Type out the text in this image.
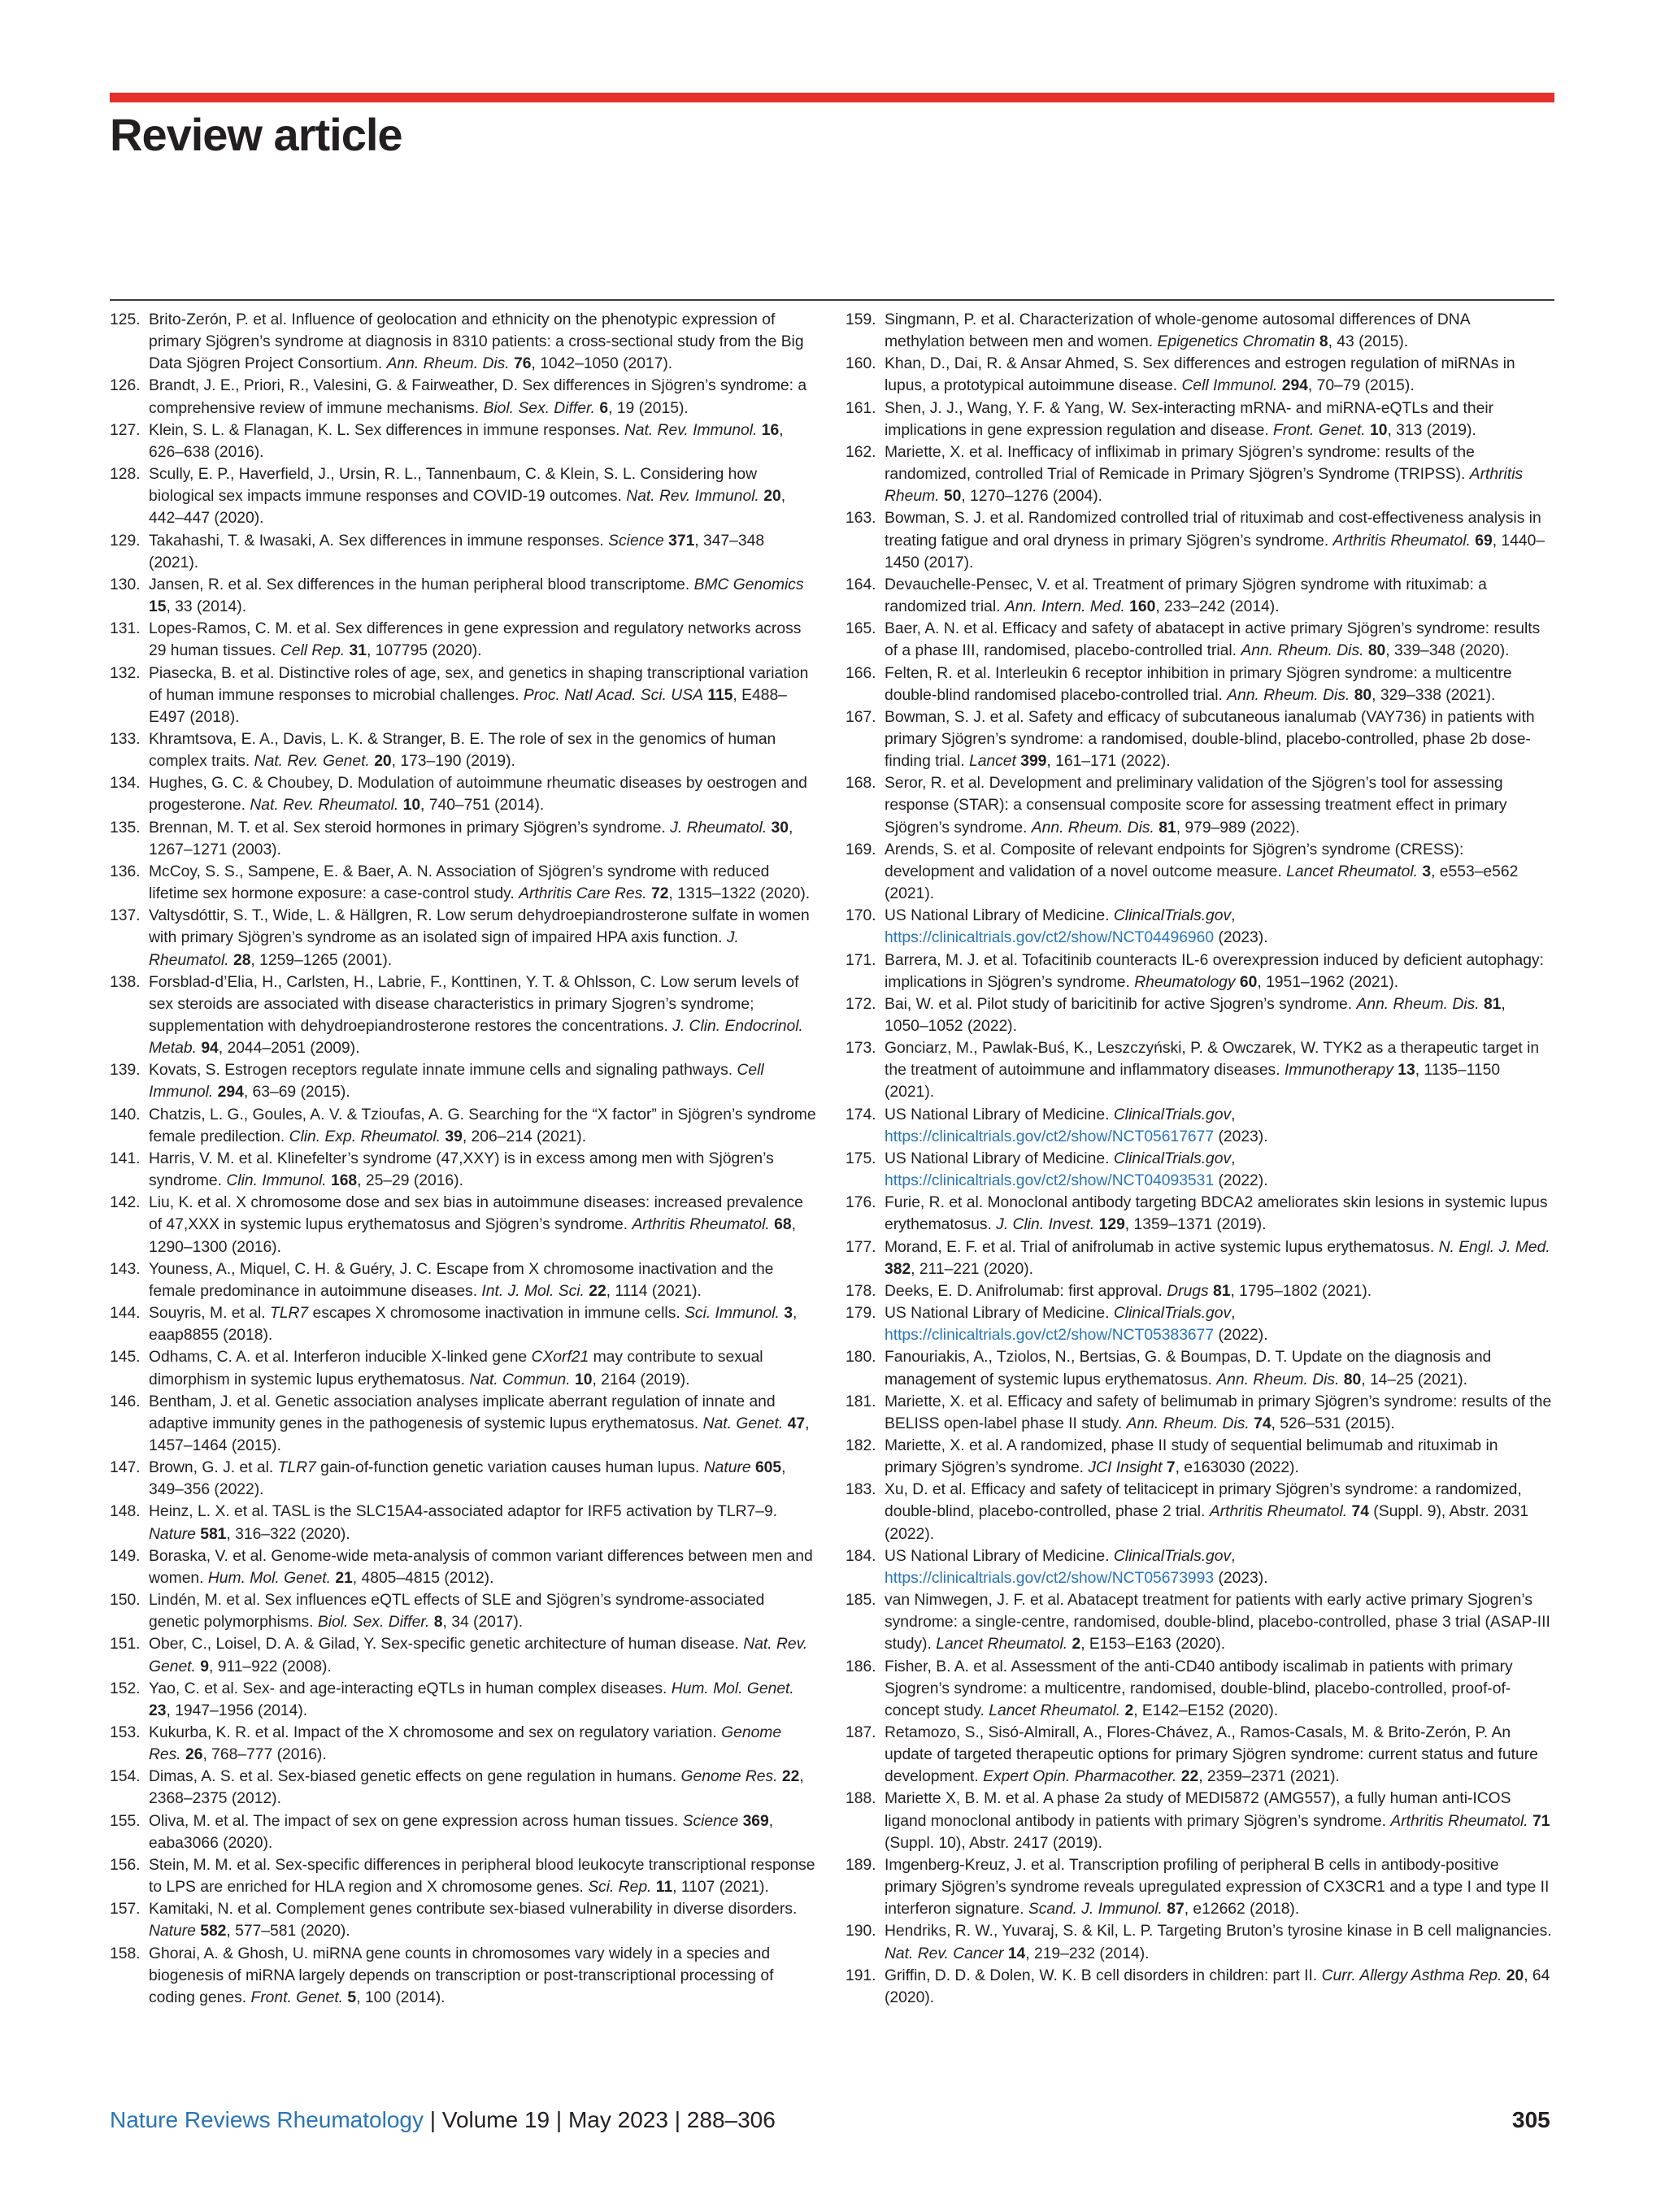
Review article
125. Brito-Zerón, P. et al. Influence of geolocation and ethnicity on the phenotypic expression of primary Sjögren’s syndrome at diagnosis in 8310 patients: a cross-sectional study from the Big Data Sjögren Project Consortium. Ann. Rheum. Dis. 76, 1042–1050 (2017).
126. Brandt, J. E., Priori, R., Valesini, G. & Fairweather, D. Sex differences in Sjögren’s syndrome: a comprehensive review of immune mechanisms. Biol. Sex. Differ. 6, 19 (2015).
127. Klein, S. L. & Flanagan, K. L. Sex differences in immune responses. Nat. Rev. Immunol. 16, 626–638 (2016).
128. Scully, E. P., Haverfield, J., Ursin, R. L., Tannenbaum, C. & Klein, S. L. Considering how biological sex impacts immune responses and COVID-19 outcomes. Nat. Rev. Immunol. 20, 442–447 (2020).
129. Takahashi, T. & Iwasaki, A. Sex differences in immune responses. Science 371, 347–348 (2021).
130. Jansen, R. et al. Sex differences in the human peripheral blood transcriptome. BMC Genomics 15, 33 (2014).
131. Lopes-Ramos, C. M. et al. Sex differences in gene expression and regulatory networks across 29 human tissues. Cell Rep. 31, 107795 (2020).
132. Piasecka, B. et al. Distinctive roles of age, sex, and genetics in shaping transcriptional variation of human immune responses to microbial challenges. Proc. Natl Acad. Sci. USA 115, E488–E497 (2018).
133. Khramtsova, E. A., Davis, L. K. & Stranger, B. E. The role of sex in the genomics of human complex traits. Nat. Rev. Genet. 20, 173–190 (2019).
134. Hughes, G. C. & Choubey, D. Modulation of autoimmune rheumatic diseases by oestrogen and progesterone. Nat. Rev. Rheumatol. 10, 740–751 (2014).
135. Brennan, M. T. et al. Sex steroid hormones in primary Sjögren’s syndrome. J. Rheumatol. 30, 1267–1271 (2003).
136. McCoy, S. S., Sampene, E. & Baer, A. N. Association of Sjögren’s syndrome with reduced lifetime sex hormone exposure: a case-control study. Arthritis Care Res. 72, 1315–1322 (2020).
137. Valtysdóttir, S. T., Wide, L. & Hällgren, R. Low serum dehydroepiandrosterone sulfate in women with primary Sjögren’s syndrome as an isolated sign of impaired HPA axis function. J. Rheumatol. 28, 1259–1265 (2001).
138. Forsblad-d’Elia, H., Carlsten, H., Labrie, F., Konttinen, Y. T. & Ohlsson, C. Low serum levels of sex steroids are associated with disease characteristics in primary Sjogren’s syndrome; supplementation with dehydroepiandrosterone restores the concentrations. J. Clin. Endocrinol. Metab. 94, 2044–2051 (2009).
139. Kovats, S. Estrogen receptors regulate innate immune cells and signaling pathways. Cell Immunol. 294, 63–69 (2015).
140. Chatzis, L. G., Goules, A. V. & Tzioufas, A. G. Searching for the “X factor” in Sjögren’s syndrome female predilection. Clin. Exp. Rheumatol. 39, 206–214 (2021).
141. Harris, V. M. et al. Klinefelter’s syndrome (47,XXY) is in excess among men with Sjögren’s syndrome. Clin. Immunol. 168, 25–29 (2016).
142. Liu, K. et al. X chromosome dose and sex bias in autoimmune diseases: increased prevalence of 47,XXX in systemic lupus erythematosus and Sjögren’s syndrome. Arthritis Rheumatol. 68, 1290–1300 (2016).
143. Youness, A., Miquel, C. H. & Guéry, J. C. Escape from X chromosome inactivation and the female predominance in autoimmune diseases. Int. J. Mol. Sci. 22, 1114 (2021).
144. Souyris, M. et al. TLR7 escapes X chromosome inactivation in immune cells. Sci. Immunol. 3, eaap8855 (2018).
145. Odhams, C. A. et al. Interferon inducible X-linked gene CXorf21 may contribute to sexual dimorphism in systemic lupus erythematosus. Nat. Commun. 10, 2164 (2019).
146. Bentham, J. et al. Genetic association analyses implicate aberrant regulation of innate and adaptive immunity genes in the pathogenesis of systemic lupus erythematosus. Nat. Genet. 47, 1457–1464 (2015).
147. Brown, G. J. et al. TLR7 gain-of-function genetic variation causes human lupus. Nature 605, 349–356 (2022).
148. Heinz, L. X. et al. TASL is the SLC15A4-associated adaptor for IRF5 activation by TLR7–9. Nature 581, 316–322 (2020).
149. Boraska, V. et al. Genome-wide meta-analysis of common variant differences between men and women. Hum. Mol. Genet. 21, 4805–4815 (2012).
150. Lindén, M. et al. Sex influences eQTL effects of SLE and Sjögren’s syndrome-associated genetic polymorphisms. Biol. Sex. Differ. 8, 34 (2017).
151. Ober, C., Loisel, D. A. & Gilad, Y. Sex-specific genetic architecture of human disease. Nat. Rev. Genet. 9, 911–922 (2008).
152. Yao, C. et al. Sex- and age-interacting eQTLs in human complex diseases. Hum. Mol. Genet. 23, 1947–1956 (2014).
153. Kukurba, K. R. et al. Impact of the X chromosome and sex on regulatory variation. Genome Res. 26, 768–777 (2016).
154. Dimas, A. S. et al. Sex-biased genetic effects on gene regulation in humans. Genome Res. 22, 2368–2375 (2012).
155. Oliva, M. et al. The impact of sex on gene expression across human tissues. Science 369, eaba3066 (2020).
156. Stein, M. M. et al. Sex-specific differences in peripheral blood leukocyte transcriptional response to LPS are enriched for HLA region and X chromosome genes. Sci. Rep. 11, 1107 (2021).
157. Kamitaki, N. et al. Complement genes contribute sex-biased vulnerability in diverse disorders. Nature 582, 577–581 (2020).
158. Ghorai, A. & Ghosh, U. miRNA gene counts in chromosomes vary widely in a species and biogenesis of miRNA largely depends on transcription or post-transcriptional processing of coding genes. Front. Genet. 5, 100 (2014).
159. Singmann, P. et al. Characterization of whole-genome autosomal differences of DNA methylation between men and women. Epigenetics Chromatin 8, 43 (2015).
160. Khan, D., Dai, R. & Ansar Ahmed, S. Sex differences and estrogen regulation of miRNAs in lupus, a prototypical autoimmune disease. Cell Immunol. 294, 70–79 (2015).
161. Shen, J. J., Wang, Y. F. & Yang, W. Sex-interacting mRNA- and miRNA-eQTLs and their implications in gene expression regulation and disease. Front. Genet. 10, 313 (2019).
162. Mariette, X. et al. Inefficacy of infliximab in primary Sjögren’s syndrome: results of the randomized, controlled Trial of Remicade in Primary Sjögren’s Syndrome (TRIPSS). Arthritis Rheum. 50, 1270–1276 (2004).
163. Bowman, S. J. et al. Randomized controlled trial of rituximab and cost-effectiveness analysis in treating fatigue and oral dryness in primary Sjögren’s syndrome. Arthritis Rheumatol. 69, 1440–1450 (2017).
164. Devauchelle-Pensec, V. et al. Treatment of primary Sjögren syndrome with rituximab: a randomized trial. Ann. Intern. Med. 160, 233–242 (2014).
165. Baer, A. N. et al. Efficacy and safety of abatacept in active primary Sjögren’s syndrome: results of a phase III, randomised, placebo-controlled trial. Ann. Rheum. Dis. 80, 339–348 (2020).
166. Felten, R. et al. Interleukin 6 receptor inhibition in primary Sjögren syndrome: a multicentre double-blind randomised placebo-controlled trial. Ann. Rheum. Dis. 80, 329–338 (2021).
167. Bowman, S. J. et al. Safety and efficacy of subcutaneous ianalumab (VAY736) in patients with primary Sjögren’s syndrome: a randomised, double-blind, placebo-controlled, phase 2b dose-finding trial. Lancet 399, 161–171 (2022).
168. Seror, R. et al. Development and preliminary validation of the Sjögren’s tool for assessing response (STAR): a consensual composite score for assessing treatment effect in primary Sjögren’s syndrome. Ann. Rheum. Dis. 81, 979–989 (2022).
169. Arends, S. et al. Composite of relevant endpoints for Sjögren’s syndrome (CRESS): development and validation of a novel outcome measure. Lancet Rheumatol. 3, e553–e562 (2021).
170. US National Library of Medicine. ClinicalTrials.gov, https://clinicaltrials.gov/ct2/show/NCT04496960 (2023).
171. Barrera, M. J. et al. Tofacitinib counteracts IL-6 overexpression induced by deficient autophagy: implications in Sjögren’s syndrome. Rheumatology 60, 1951–1962 (2021).
172. Bai, W. et al. Pilot study of baricitinib for active Sjogren’s syndrome. Ann. Rheum. Dis. 81, 1050–1052 (2022).
173. Gonciarz, M., Pawlak-Buś, K., Leszczyński, P. & Owczarek, W. TYK2 as a therapeutic target in the treatment of autoimmune and inflammatory diseases. Immunotherapy 13, 1135–1150 (2021).
174. US National Library of Medicine. ClinicalTrials.gov, https://clinicaltrials.gov/ct2/show/NCT05617677 (2023).
175. US National Library of Medicine. ClinicalTrials.gov, https://clinicaltrials.gov/ct2/show/NCT04093531 (2022).
176. Furie, R. et al. Monoclonal antibody targeting BDCA2 ameliorates skin lesions in systemic lupus erythematosus. J. Clin. Invest. 129, 1359–1371 (2019).
177. Morand, E. F. et al. Trial of anifrolumab in active systemic lupus erythematosus. N. Engl. J. Med. 382, 211–221 (2020).
178. Deeks, E. D. Anifrolumab: first approval. Drugs 81, 1795–1802 (2021).
179. US National Library of Medicine. ClinicalTrials.gov, https://clinicaltrials.gov/ct2/show/NCT05383677 (2022).
180. Fanouriakis, A., Tziolos, N., Bertsias, G. & Boumpas, D. T. Update on the diagnosis and management of systemic lupus erythematosus. Ann. Rheum. Dis. 80, 14–25 (2021).
181. Mariette, X. et al. Efficacy and safety of belimumab in primary Sjögren’s syndrome: results of the BELISS open-label phase II study. Ann. Rheum. Dis. 74, 526–531 (2015).
182. Mariette, X. et al. A randomized, phase II study of sequential belimumab and rituximab in primary Sjögren’s syndrome. JCI Insight 7, e163030 (2022).
183. Xu, D. et al. Efficacy and safety of telitacicept in primary Sjögren’s syndrome: a randomized, double-blind, placebo-controlled, phase 2 trial. Arthritis Rheumatol. 74 (Suppl. 9), Abstr. 2031 (2022).
184. US National Library of Medicine. ClinicalTrials.gov, https://clinicaltrials.gov/ct2/show/NCT05673993 (2023).
185. van Nimwegen, J. F. et al. Abatacept treatment for patients with early active primary Sjogren’s syndrome: a single-centre, randomised, double-blind, placebo-controlled, phase 3 trial (ASAP-III study). Lancet Rheumatol. 2, E153–E163 (2020).
186. Fisher, B. A. et al. Assessment of the anti-CD40 antibody iscalimab in patients with primary Sjogren’s syndrome: a multicentre, randomised, double-blind, placebo-controlled, proof-of-concept study. Lancet Rheumatol. 2, E142–E152 (2020).
187. Retamozo, S., Sisó-Almirall, A., Flores-Chávez, A., Ramos-Casals, M. & Brito-Zerón, P. An update of targeted therapeutic options for primary Sjögren syndrome: current status and future development. Expert Opin. Pharmacother. 22, 2359–2371 (2021).
188. Mariette X, B. M. et al. A phase 2a study of MEDI5872 (AMG557), a fully human anti-ICOS ligand monoclonal antibody in patients with primary Sjögren’s syndrome. Arthritis Rheumatol. 71 (Suppl. 10), Abstr. 2417 (2019).
189. Imgenberg-Kreuz, J. et al. Transcription profiling of peripheral B cells in antibody-positive primary Sjögren’s syndrome reveals upregulated expression of CX3CR1 and a type I and type II interferon signature. Scand. J. Immunol. 87, e12662 (2018).
190. Hendriks, R. W., Yuvaraj, S. & Kil, L. P. Targeting Bruton’s tyrosine kinase in B cell malignancies. Nat. Rev. Cancer 14, 219–232 (2014).
191. Griffin, D. D. & Dolen, W. K. B cell disorders in children: part II. Curr. Allergy Asthma Rep. 20, 64 (2020).
Nature Reviews Rheumatology | Volume 19 | May 2023 | 288–306	305
